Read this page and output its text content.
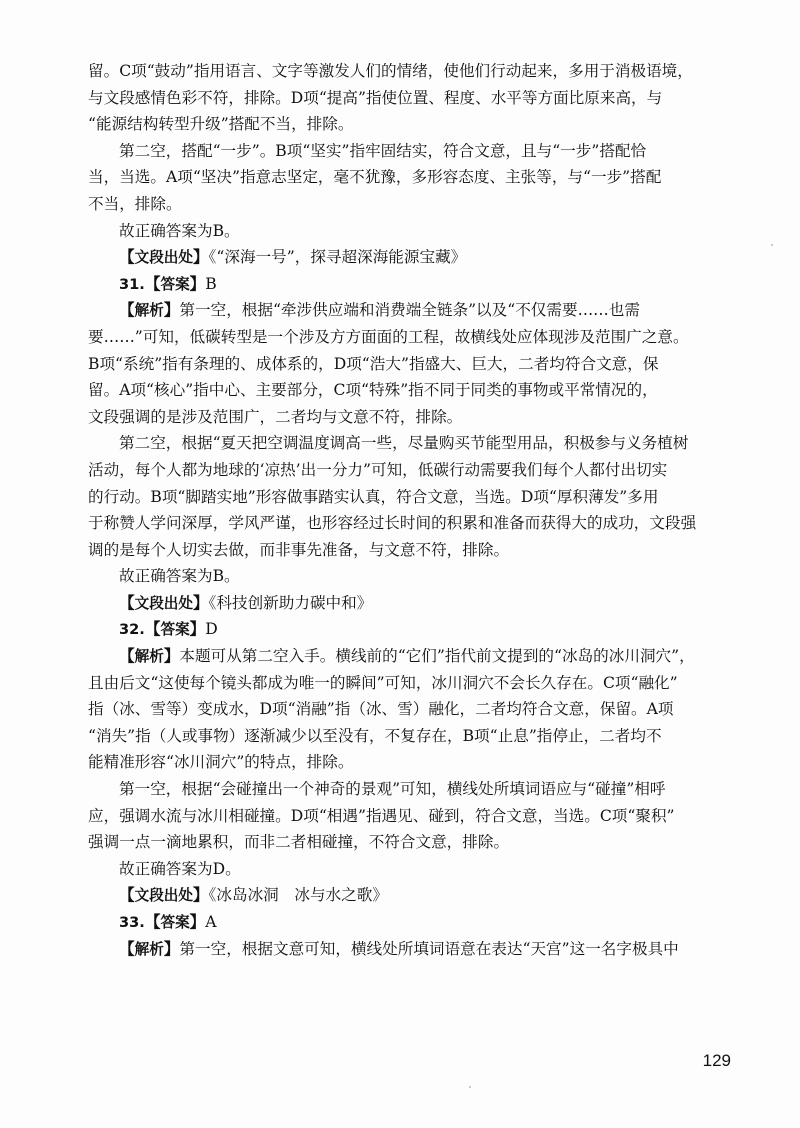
留。C项“鼓动”指用语言、文字等激发人们的情绪，使他们行动起来，多用于消极语境，
与文段感情色彩不符，排除。D项“提高”指使位置、程度、水平等方面比原来高，与
“能源结构转型升级”搭配不当，排除。
第二空，搭配“一步”。B项“坚实”指牢固结实，符合文意，且与“一步”搭配恰
当，当选。A项“坚决”指意志坚定，毫不犹豫，多形容态度、主张等，与“一步”搭配
不当，排除。
故正确答案为B。
【文段出处】《“深海一号”，探寻超深海能源宝藏》
31.【答案】B
【解析】第一空，根据“牵涉供应端和消费端全链条”以及“不仅需要……也需
要……”可知，低碳转型是一个涉及方方面面的工程，故横线处应体现涉及范围广之意。
B项“系统”指有条理的、成体系的，D项“浩大”指盛大、巨大，二者均符合文意，保
留。A项“核心”指中心、主要部分，C项“特殊”指不同于同类的事物或平常情况的，
文段强调的是涉及范围广，二者均与文意不符，排除。
第二空，根据“夏天把空调温度调高一些，尽量购买节能型用品，积极参与义务植树
活动，每个人都为地球的‘凉热’出一分力”可知，低碳行动需要我们每个人都付出切实
的行动。B项“脚踏实地”形容做事踏实认真，符合文意，当选。D项“厚积薄发”多用
于称赞人学问深厚，学风严谨，也形容经过长时间的积累和准备而获得大的成功，文段强
调的是每个人切实去做，而非事先准备，与文意不符，排除。
故正确答案为B。
【文段出处】《科技创新助力碳中和》
32.【答案】D
【解析】本题可从第二空入手。横线前的“它们”指代前文提到的“冰岛的冰川洞穴”，
且由后文“这使每个镜头都成为唯一的瞬间”可知，冰川洞穴不会长久存在。C项“融化”
指（冰、雪等）变成水，D项“消融”指（冰、雪）融化，二者均符合文意，保留。A项
“消失”指（人或事物）逐渐减少以至没有，不复存在，B项“止息”指停止，二者均不
能精准形容“冰川洞穴”的特点，排除。
第一空，根据“会碰撞出一个神奇的景观”可知，横线处所填词语应与“碰撞”相呼
应，强调水流与冰川相碰撞。D项“相遇”指遇见、碰到，符合文意，当选。C项“聚积”
强调一点一滴地累积，而非二者相碰撞，不符合文意，排除。
故正确答案为D。
【文段出处】《冰岛冰洞　冰与水之歌》
33.【答案】A
【解析】第一空，根据文意可知，横线处所填词语意在表达“天宫”这一名字极具中
129
